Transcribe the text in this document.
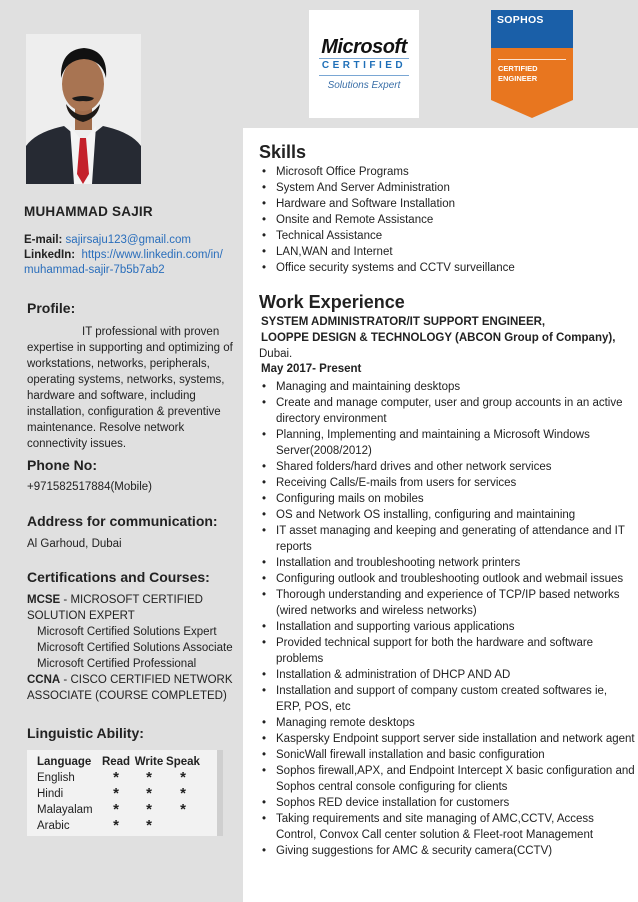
MUHAMMAD SAJIR
E-mail: sajirsaju123@gmail.com
LinkedIn: https://www.linkedin.com/in/
muhammad-sajir-7b5b7ab2
Profile:
IT professional with proven expertise in supporting and optimizing of workstations, networks, peripherals, operating systems, networks, systems, hardware and software, including installation, configuration & preventive maintenance. Resolve network connectivity issues.
Phone No:
+971582517884(Mobile)
Address for communication:
Al Garhoud, Dubai
Certifications and Courses:
MCSE - MICROSOFT CERTIFIED SOLUTION EXPERT
Microsoft Certified Solutions Expert
Microsoft Certified Solutions Associate
Microsoft Certified Professional
CCNA - CISCO CERTIFIED NETWORK ASSOCIATE (COURSE COMPLETED)
Linguistic Ability:
Language Read Write Speak
English	*	*	*
Hindi	*	*	*
Malayalam	*	*	*
Arabic	*	*
Microsoft
CERTIFIED
Solutions Expert
SOPHOS
CERTIFIED
ENGINEER
Skills
• Microsoft Office Programs
• System And Server Administration
• Hardware and Software Installation
• Onsite and Remote Assistance
• Technical Assistance
• LAN,WAN and Internet
• Office security systems and CCTV surveillance
Work Experience
SYSTEM ADMINISTRATOR/IT SUPPORT ENGINEER,
LOOPPE DESIGN & TECHNOLOGY (ABCON Group of Company),
Dubai.
May 2017- Present
• Managing and maintaining desktops
• Create and manage computer, user and group accounts in an active directory environment
• Planning, Implementing and maintaining a Microsoft Windows Server(2008/2012)
• Shared folders/hard drives and other network services
• Receiving Calls/E-mails from users for services
• Configuring mails on mobiles
• OS and Network OS installing, configuring and maintaining
• IT asset managing and keeping and generating of attendance and IT reports
• Installation and troubleshooting network printers
• Configuring outlook and troubleshooting outlook and webmail issues
• Thorough understanding and experience of TCP/IP based networks (wired networks and wireless networks)
• Installation and supporting various applications
• Provided technical support for both the hardware and software problems
• Installation & administration of DHCP AND AD
• Installation and support of company custom created softwares ie, ERP, POS, etc
• Managing remote desktops
• Kaspersky Endpoint support server side installation and network agent
• SonicWall firewall installation and basic configuration
• Sophos firewall,APX, and Endpoint Intercept X basic configuration and Sophos central console configuring for clients
• Sophos RED device installation for customers
• Taking requirements and site managing of AMC,CCTV, Access Control, Convox Call center solution & Fleet-root Management
• Giving suggestions for AMC & security camera(CCTV)
